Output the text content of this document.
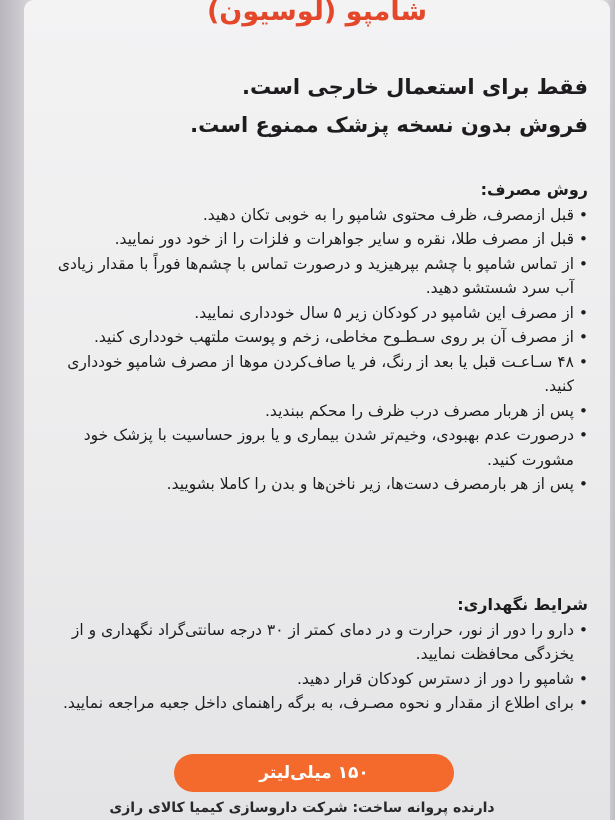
شامپو (لوسیون)
فقط برای استعمال خارجی است.
فروش بدون نسخه پزشک ممنوع است.
روش مصرف:
• قبل ازمصرف، ظرف محتوی شامپو را به خوبی تکان دهید.
• قبل از مصرف طلا، نقره و سایر جواهرات و فلزات را از خود دور نمایید.
• از تماس شامپو با چشم بپرهیزید و درصورت تماس با چشم‌ها فوراً با مقدار زیادی آب سرد شستشو دهید.
• از مصرف این شامپو در کودکان زیر ۵ سال خودداری نمایید.
• از مصرف آن بر روی سـطـوح مخاطی، زخم و پوست ملتهب خودداری کنید.
• ۴۸ سـاعـت قبل یا بعد از رنگ، فر یا صاف‌کردن موها از مصرف شامپو خودداری کنید.
• پس از هربار مصرف درب ظرف را محکم ببندید.
• درصورت عدم بهبودی، وخیم‌تر شدن بیماری و یا بروز حساسیت با پزشک خود مشورت کنید.
• پس از هر بارمصرف دست‌ها، زیر ناخن‌ها و بدن را کاملا بشویید.
شرایط نگهداری:
• دارو را دور از نور، حرارت و در دمای کمتر از ۳۰ درجه سانتی‌گراد نگهداری و از یخزدگی محافظت نمایید.
• شامپو را دور از دسترس کودکان قرار دهید.
• برای اطلاع از مقدار و نحوه مصـرف، به برگه راهنمای داخل جعبه مراجعه نمایید.
۱۵۰ میلی‌لیتر
دارنده پروانه ساخت: شرکت داروسازی کیمیا کالای رازی
